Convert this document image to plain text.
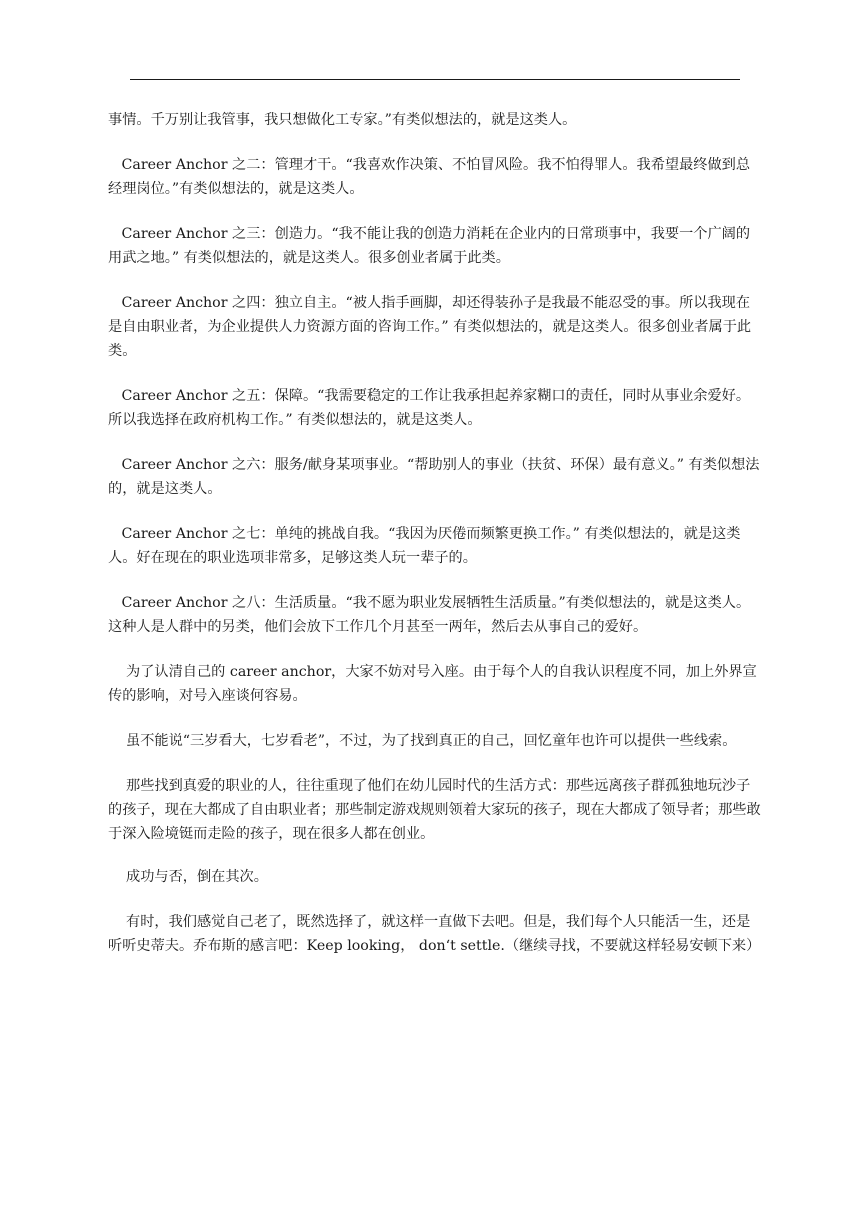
事情。千万别让我管事，我只想做化工专家。”有类似想法的，就是这类人。

Career Anchor 之二：管理才干。“我喜欢作决策、不怕冒风险。我不怕得罪人。我希望最终做到总经理岗位。”有类似想法的，就是这类人。

Career Anchor 之三：创造力。“我不能让我的创造力消耗在企业内的日常琐事中，我要一个广阔的用武之地。” 有类似想法的，就是这类人。很多创业者属于此类。

Career Anchor 之四：独立自主。“被人指手画脚，却还得装孙子是我最不能忍受的事。所以我现在是自由职业者，为企业提供人力资源方面的咨询工作。” 有类似想法的，就是这类人。很多创业者属于此类。

Career Anchor 之五：保障。“我需要稳定的工作让我承担起养家糊口的责任，同时从事业余爱好。所以我选择在政府机构工作。” 有类似想法的，就是这类人。

Career Anchor 之六：服务/献身某项事业。“帮助别人的事业（扶贫、环保）最有意义。” 有类似想法的，就是这类人。

Career Anchor 之七：单纯的挑战自我。“我因为厌倦而频繁更换工作。” 有类似想法的，就是这类人。好在现在的职业选项非常多，足够这类人玩一辈子的。

Career Anchor 之八：生活质量。“我不愿为职业发展牺牲生活质量。”有类似想法的，就是这类人。这种人是人群中的另类，他们会放下工作几个月甚至一两年，然后去从事自己的爱好。

为了认清自己的 career anchor，大家不妨对号入座。由于每个人的自我认识程度不同，加上外界宣传的影响，对号入座谈何容易。

虽不能说“三岁看大，七岁看老”，不过，为了找到真正的自己，回忆童年也许可以提供一些线索。

那些找到真爱的职业的人，往往重现了他们在幼儿园时代的生活方式：那些远离孩子群孤独地玩沙子的孩子，现在大都成了自由职业者；那些制定游戏规则领着大家玩的孩子，现在大都成了领导者；那些敢于深入险境铤而走险的孩子，现在很多人都在创业。

成功与否，倒在其次。

有时，我们感觉自己老了，既然选择了，就这样一直做下去吧。但是，我们每个人只能活一生，还是听听史蒂夫。乔布斯的感言吧：Keep looking， don‘t settle.（继续寻找，不要就这样轻易安顿下来）
